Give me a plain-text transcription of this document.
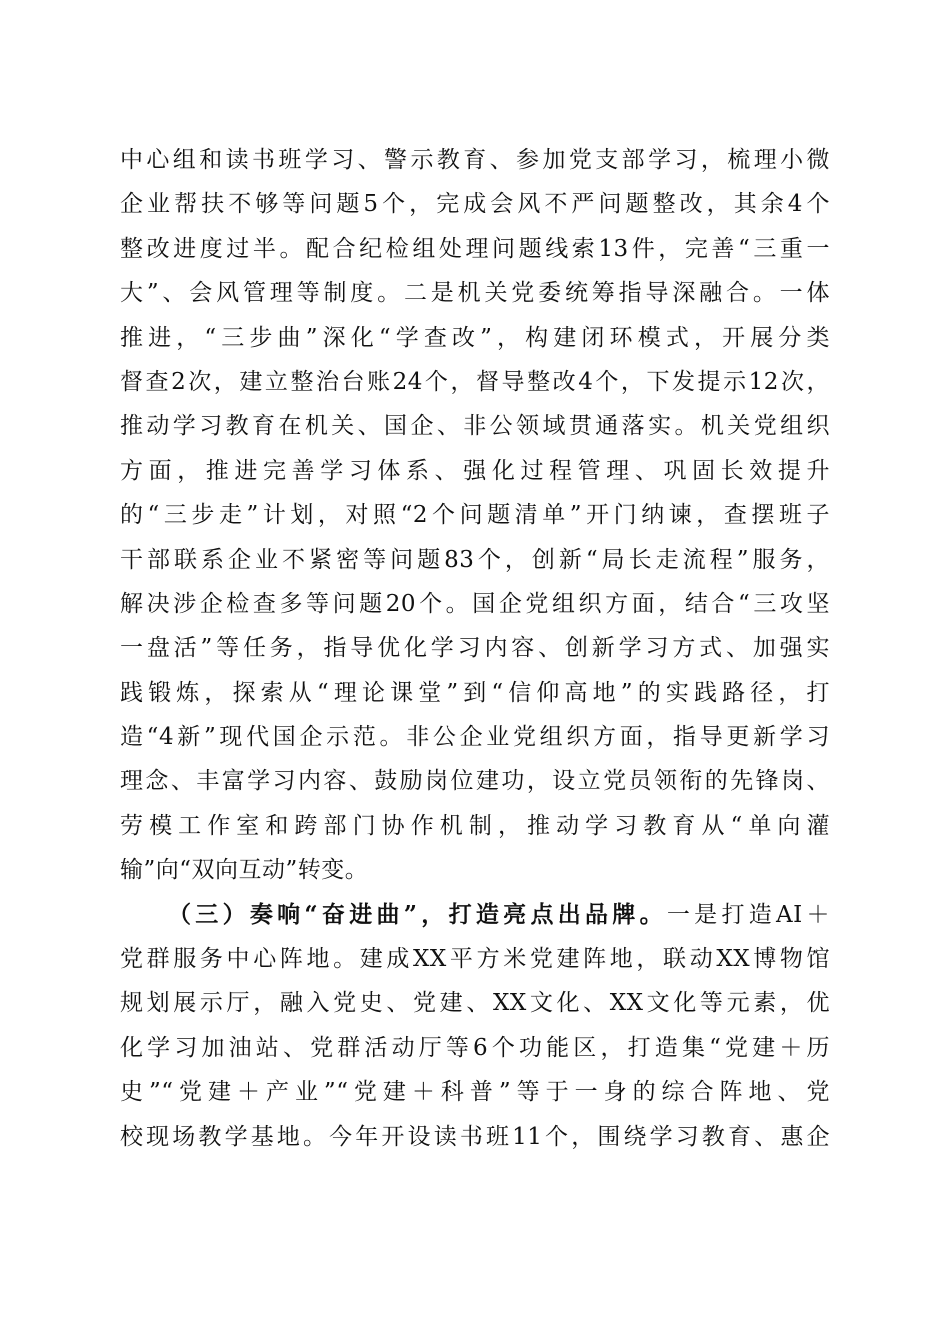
中心组和读书班学习、警示教育、参加党支部学习，梳理小微
企业帮扶不够等问题5个，完成会风不严问题整改，其余4个
整改进度过半。配合纪检组处理问题线索13件，完善“三重一
大”、会风管理等制度。二是机关党委统筹指导深融合。一体
推进，“三步曲”深化“学查改”，构建闭环模式，开展分类
督查2次，建立整治台账24个，督导整改4个，下发提示12次，
推动学习教育在机关、国企、非公领域贯通落实。机关党组织
方面，推进完善学习体系、强化过程管理、巩固长效提升
的“三步走”计划，对照“2个问题清单”开门纳谏，查摆班子
干部联系企业不紧密等问题83个，创新“局长走流程”服务，
解决涉企检查多等问题20个。国企党组织方面，结合“三攻坚
一盘活”等任务，指导优化学习内容、创新学习方式、加强实
践锻炼，探索从“理论课堂”到“信仰高地”的实践路径，打
造“4新”现代国企示范。非公企业党组织方面，指导更新学习
理念、丰富学习内容、鼓励岗位建功，设立党员领衔的先锋岗、
劳模工作室和跨部门协作机制，推动学习教育从“单向灌
输”向“双向互动”转变。
（三）奏响“奋进曲”，打造亮点出品牌。一是打造AI＋
党群服务中心阵地。建成XX平方米党建阵地，联动XX博物馆
规划展示厅，融入党史、党建、XX文化、XX文化等元素，优
化学习加油站、党群活动厅等6个功能区，打造集“党建＋历
史”“党建＋产业”“党建＋科普”等于一身的综合阵地、党
校现场教学基地。今年开设读书班11个，围绕学习教育、惠企
